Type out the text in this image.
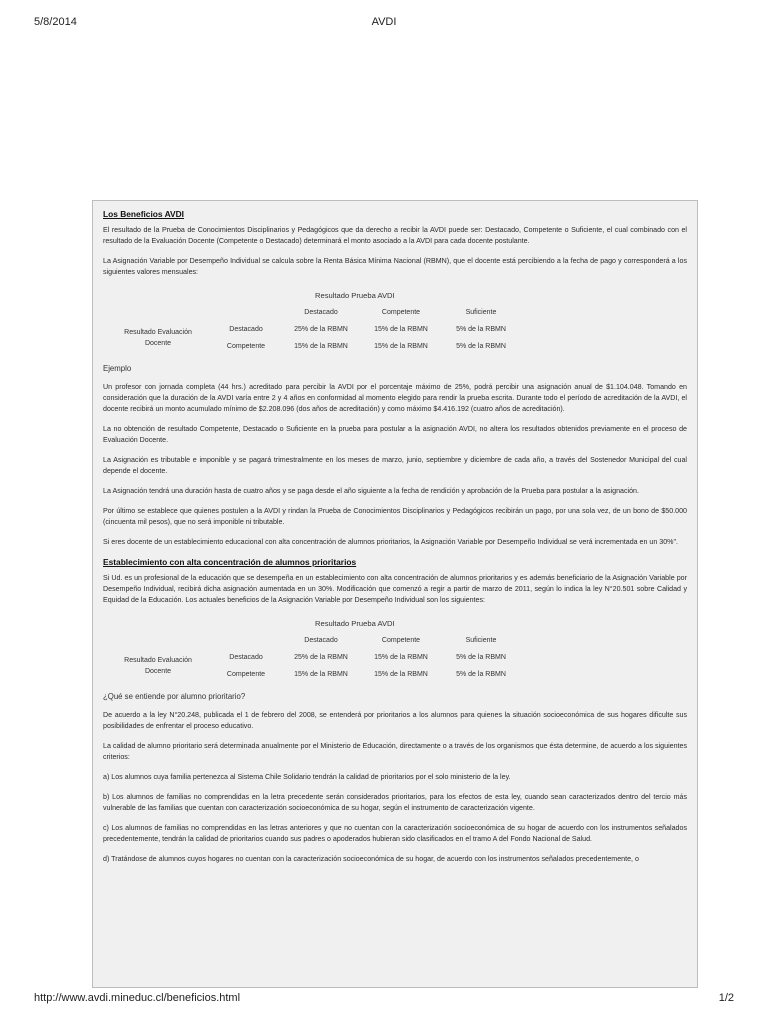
5/8/2014	AVDI
Los Beneficios AVDI

El resultado de la Prueba de Conocimientos Disciplinarios y Pedagógicos que da derecho a recibir la AVDI puede ser: Destacado, Competente o Suficiente, el cual combinado con el resultado de la Evaluación Docente (Competente o Destacado) determinará el monto asociado a la AVDI para cada docente postulante.

La Asignación Variable por Desempeño Individual se calcula sobre la Renta Básica Mínima Nacional (RBMN), que el docente está percibiendo a la fecha de pago y corresponderá a los siguientes valores mensuales:

		Resultado Prueba AVDI		
		Destacado	Competente	Suficiente
Resultado Evaluación Docente	Destacado	25% de la RBMN	15% de la RBMN	5% de la RBMN
	Competente	15% de la RBMN	15% de la RBMN	5% de la RBMN
Ejemplo

Un profesor con jornada completa (44 hrs.) acreditado para percibir la AVDI por el porcentaje máximo de 25%, podrá percibir una asignación anual de $1.104.048. Tomando en consideración que la duración de la AVDI varía entre 2 y 4 años en conformidad al momento elegido para rendir la prueba escrita. Durante todo el período de acreditación de la AVDI, el docente recibirá un monto acumulado mínimo de $2.208.096 (dos años de acreditación) y como máximo $4.416.192 (cuatro años de acreditación).

La no obtención de resultado Competente, Destacado o Suficiente en la prueba para postular a la asignación AVDI, no altera los resultados obtenidos previamente en el proceso de Evaluación Docente.

La Asignación es tributable e imponible y se pagará trimestralmente en los meses de marzo, junio, septiembre y diciembre de cada año, a través del Sostenedor Municipal del cual depende el docente.

La Asignación tendrá una duración hasta de cuatro años y se paga desde el año siguiente a la fecha de rendición y aprobación de la Prueba para postular a la asignación.

Por último se establece que quienes postulen a la AVDI y rindan la Prueba de Conocimientos Disciplinarios y Pedagógicos recibirán un pago, por una sola vez, de un bono de $50.000 (cincuenta mil pesos), que no será imponible ni tributable.

Si eres docente de un establecimiento educacional con alta concentración de alumnos prioritarios, la Asignación Variable por Desempeño Individual se verá incrementada en un 30%".

Establecimiento con alta concentración de alumnos prioritarios

Si Ud. es un profesional de la educación que se desempeña en un establecimiento con alta concentración de alumnos prioritarios y es además beneficiario de la Asignación Variable por Desempeño Individual, recibirá dicha asignación aumentada en un 30%. Modificación que comenzó a regir a partir de marzo de 2011, según lo indica la ley N°20.501 sobre Calidad y Equidad de la Educación. Los actuales beneficios de la Asignación Variable por Desempeño Individual son los siguientes:

		Resultado Prueba AVDI		
		Destacado	Competente	Suficiente
Resultado Evaluación Docente	Destacado	25% de la RBMN	15% de la RBMN	5% de la RBMN
	Competente	15% de la RBMN	15% de la RBMN	5% de la RBMN
¿Qué se entiende por alumno prioritario?

De acuerdo a la ley N°20.248, publicada el 1 de febrero del 2008, se entenderá por prioritarios a los alumnos para quienes la situación socioeconómica de sus hogares dificulte sus posibilidades de enfrentar el proceso educativo.

La calidad de alumno prioritario será determinada anualmente por el Ministerio de Educación, directamente o a través de los organismos que ésta determine, de acuerdo a los siguientes criterios:

a) Los alumnos cuya familia pertenezca al Sistema Chile Solidario tendrán la calidad de prioritarios por el solo ministerio de la ley.

b) Los alumnos de familias no comprendidas en la letra precedente serán considerados prioritarios, para los efectos de esta ley, cuando sean caracterizados dentro del tercio más vulnerable de las familias que cuentan con caracterización socioeconómica de su hogar, según el instrumento de caracterización vigente.

c) Los alumnos de familias no comprendidas en las letras anteriores y que no cuentan con la caracterización socioeconómica de su hogar de acuerdo con los instrumentos señalados precedentemente, tendrán la calidad de prioritarios cuando sus padres o apoderados hubieran sido clasificados en el tramo A del Fondo Nacional de Salud.

d) Tratándose de alumnos cuyos hogares no cuentan con la caracterización socioeconómica de su hogar, de acuerdo con los instrumentos señalados precedentemente, o

http://www.avdi.mineduc.cl/beneficios.html	1/2
